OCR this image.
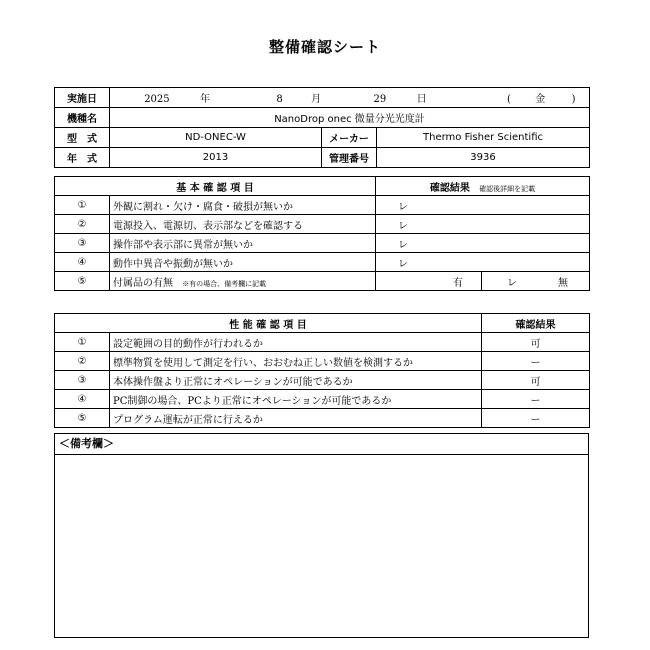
整備確認シート
実施日	2025 年 8 月 29 日 ( 金 )		
機種名	NanoDrop onec 微量分光光度計		
型　式	ND-ONEC-W	メーカー	Thermo Fisher Scientific
年　式	2013	管理番号	3936
基 本 確 認 項 目		確認結果 確認後詳細を記載	
①	外観に割れ・欠け・腐食・破損が無いか	レ	
②	電源投入、電源切、表示部などを確認する	レ	
③	操作部や表示部に異常が無いか	レ	
④	動作中異音や振動が無いか	レ	
⑤	付属品の有無 ※有の場合、備考欄に記載	有	レ 無
性 能 確 認 項 目		確認結果
①	設定範囲の目的動作が行われるか	可
②	標準物質を使用して測定を行い、おおむね正しい数値を検測するか	ー
③	本体操作盤より正常にオペレーションが可能であるか	可
④	PC制御の場合、PCより正常にオペレーションが可能であるか	ー
⑤	プログラム運転が正常に行えるか	ー
＜備考欄＞
